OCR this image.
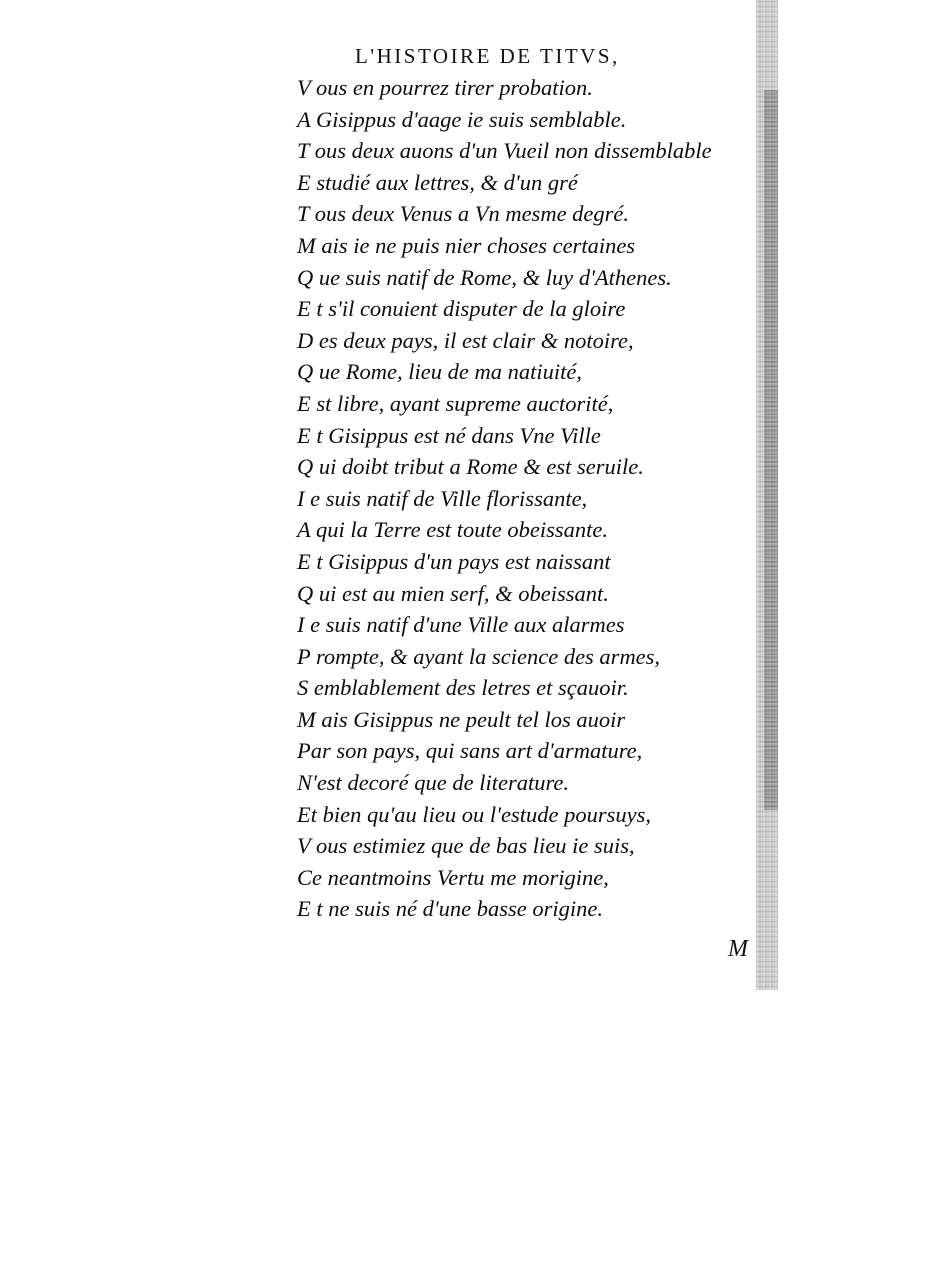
L'HISTOIRE DE TITVS,
V ous en pourrez tirer probation.
A Gisippus d'aage ie suis semblable.
T ous deux auons d'un Vueil non dissemblable
E studié aux lettres, & d'un gré
T ous deux Venus a Vn mesme degré.
M ais ie ne puis nier choses certaines
Q ue suis natif de Rome, & luy d'Athenes.
E t s'il conuient disputer de la gloire
D es deux pays, il est clair & notoire,
Q ue Rome, lieu de ma natiuité,
E st libre, ayant supreme auctorité,
E t Gisippus est né dans Vne Ville
Q ui doibt tribut a Rome & est seruile.
I e suis natif de Ville florissante,
A qui la Terre est toute obeissante.
E t Gisippus d'un pays est naissant
Q ui est au mien serf, & obeissant.
I e suis natif d'une Ville aux alarmes
P rompte, & ayant la science des armes,
S emblablement des letres et sçauoir.
M ais Gisippus ne peult tel los auoir
Par son pays, qui sans art d'armature,
N'est decoré que de literature.
Et bien qu'au lieu ou l'estude poursuys,
V ous estimiez que de bas lieu ie suis,
Ce neantmoins Vertu me morigine,
E t ne suis né d'une basse origine.
M
